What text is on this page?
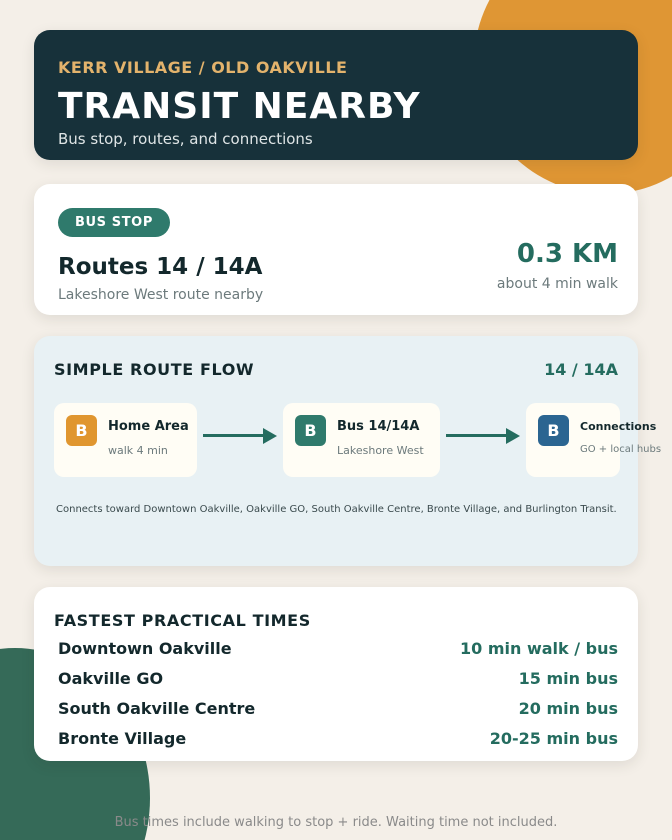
KERR VILLAGE / OLD OAKVILLE
TRANSIT NEARBY
Bus stop, routes, and connections
BUS STOP
Routes 14 / 14A
Lakeshore West route nearby
0.3 KM
about 4 min walk
SIMPLE ROUTE FLOW	14 / 14A
B	Home Area
walk 4 min
B	Bus 14/14A
Lakeshore West
B	Connections
GO + local hubs
Connects toward Downtown Oakville, Oakville GO, South Oakville Centre, Bronte Village, and Burlington Transit.
FASTEST PRACTICAL TIMES
Downtown Oakville	10 min walk / bus
Oakville GO	15 min bus
South Oakville Centre	20 min bus
Bronte Village	20-25 min bus
Bus times include walking to stop + ride. Waiting time not included.
